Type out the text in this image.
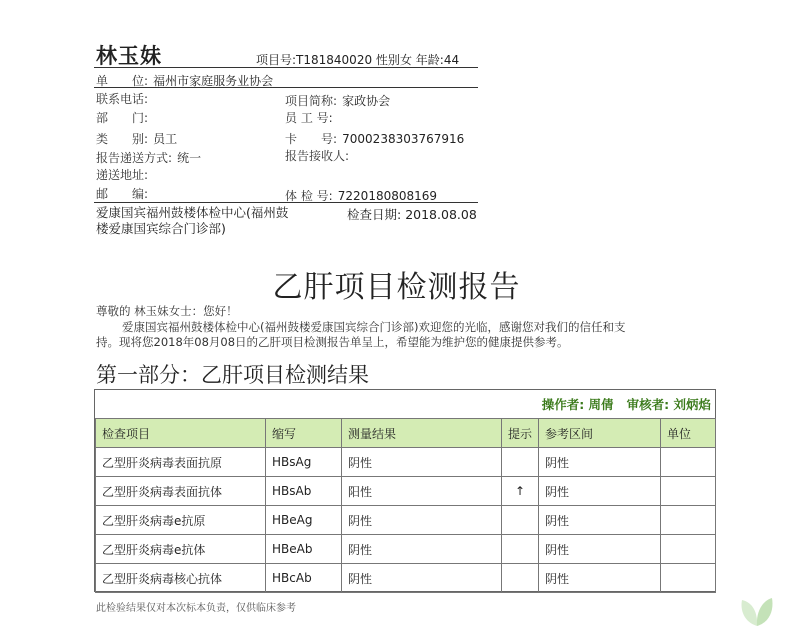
林玉妹	项目号:T181840020 性别女 年龄:44
单　　位: 福州市家庭服务业协会
联系电话:	项目简称: 家政协会
部　　门:	员 工 号:
类　　别: 员工	卡　　号: 7000238303767916
报告递送方式: 统一	报告接收人:
递送地址:
邮　　编:	体 检 号: 7220180808169
爱康国宾福州鼓楼体检中心(福州鼓楼爱康国宾综合门诊部)
检查日期: 2018.08.08
乙肝项目检测报告
尊敬的 林玉妹女士：您好！
爱康国宾福州鼓楼体检中心(福州鼓楼爱康国宾综合门诊部)欢迎您的光临，感谢您对我们的信任和支
持。现将您2018年08月08日的乙肝项目检测报告单呈上，希望能为维护您的健康提供参考。
第一部分：乙肝项目检测结果
操作者: 周倩 审核者: 刘炳焰
检查项目	缩写	测量结果	提示	参考区间	单位
乙型肝炎病毒表面抗原	HBsAg	阴性		阴性	
乙型肝炎病毒表面抗体	HBsAb	阳性	↑	阴性	
乙型肝炎病毒e抗原	HBeAg	阴性		阴性	
乙型肝炎病毒e抗体	HBeAb	阴性		阴性	
乙型肝炎病毒核心抗体	HBcAb	阴性		阴性	
此检验结果仅对本次标本负责，仅供临床参考
